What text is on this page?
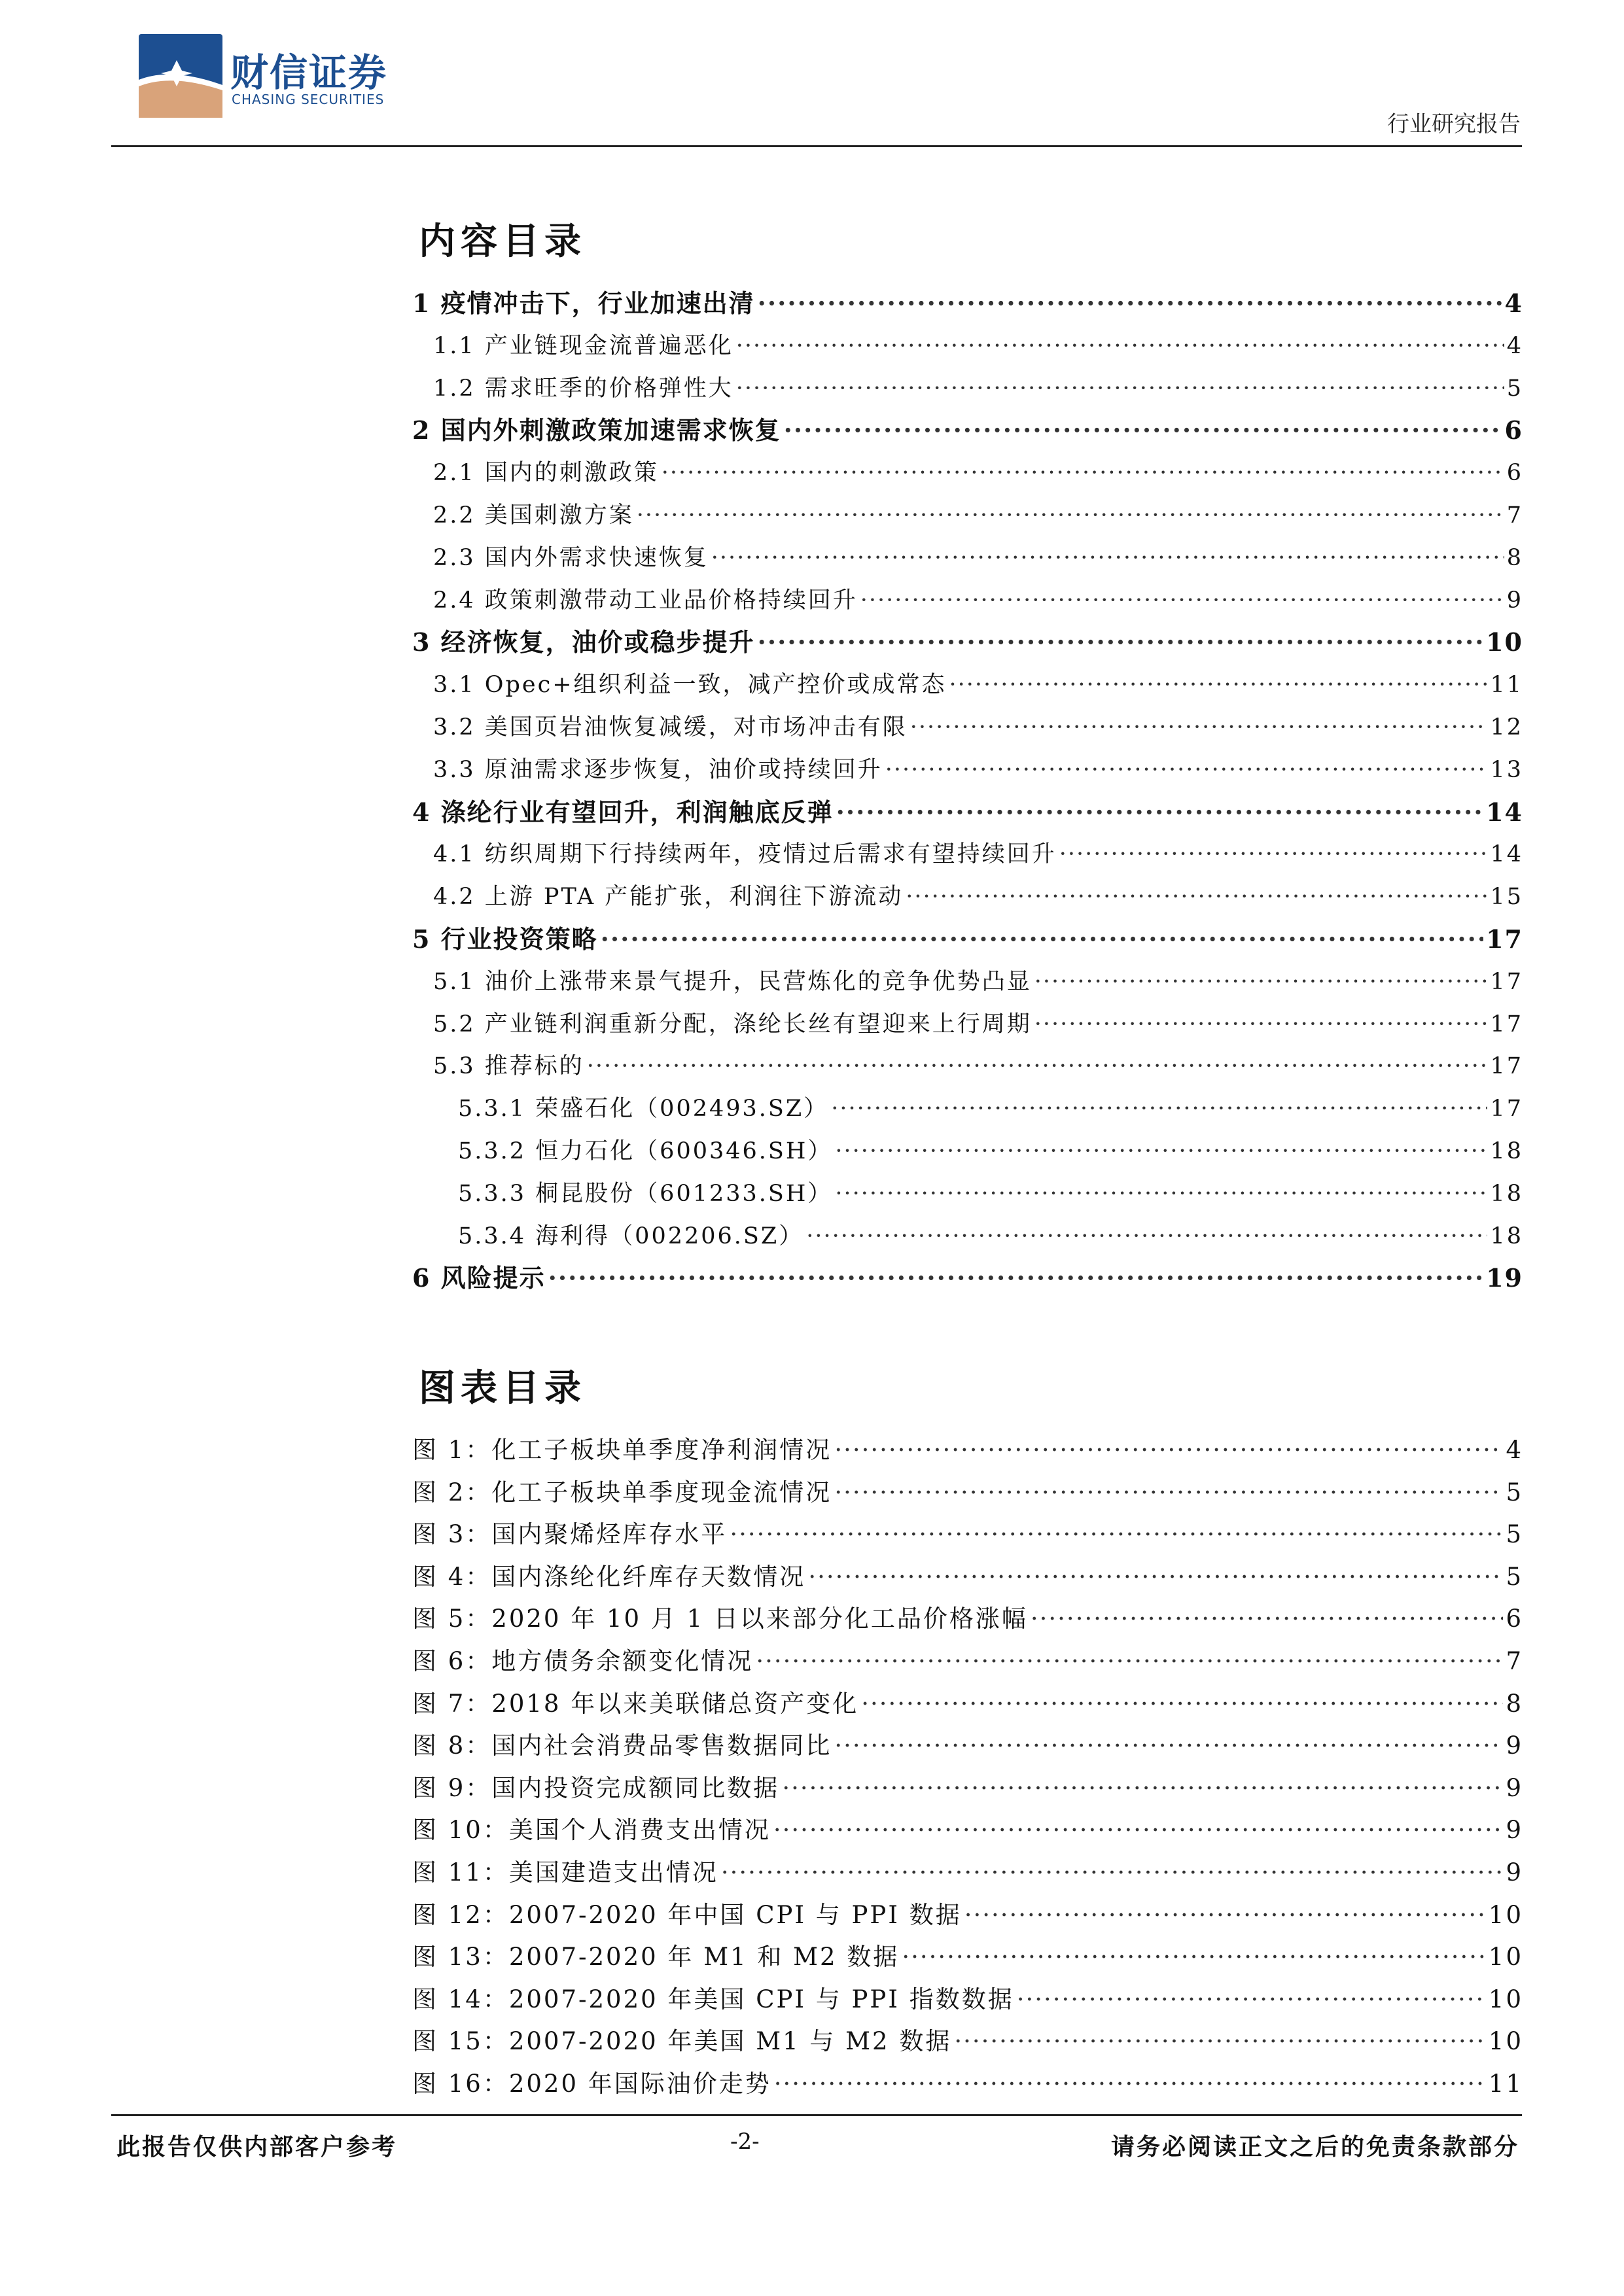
财信证券
CHASING SECURITIES
行业研究报告
内容目录
1 疫情冲击下，行业加速出清 ·····	4
1.1 产业链现金流普遍恶化 ·····	4
1.2 需求旺季的价格弹性大 ·····	5
2 国内外刺激政策加速需求恢复 ·····	6
2.1 国内的刺激政策 ·····	6
2.2 美国刺激方案 ·····	7
2.3 国内外需求快速恢复 ·····	8
2.4 政策刺激带动工业品价格持续回升 ·····	9
3 经济恢复，油价或稳步提升 ·····	10
3.1 Opec+组织利益一致，减产控价或成常态 ·····	11
3.2 美国页岩油恢复减缓，对市场冲击有限 ·····	12
3.3 原油需求逐步恢复，油价或持续回升 ·····	13
4 涤纶行业有望回升，利润触底反弹 ·····	14
4.1 纺织周期下行持续两年，疫情过后需求有望持续回升 ·····	14
4.2 上游 PTA 产能扩张，利润往下游流动 ·····	15
5 行业投资策略 ·····	17
5.1 油价上涨带来景气提升，民营炼化的竞争优势凸显 ·····	17
5.2 产业链利润重新分配，涤纶长丝有望迎来上行周期 ·····	17
5.3 推荐标的 ·····	17
5.3.1 荣盛石化（002493.SZ） ·····	17
5.3.2 恒力石化（600346.SH） ·····	18
5.3.3 桐昆股份（601233.SH） ·····	18
5.3.4 海利得（002206.SZ） ·····	18
6 风险提示 ·····	19
图表目录
图 1：化工子板块单季度净利润情况 ·····	4
图 2：化工子板块单季度现金流情况 ·····	5
图 3：国内聚烯烃库存水平 ·····	5
图 4：国内涤纶化纤库存天数情况 ·····	5
图 5：2020 年 10 月 1 日以来部分化工品价格涨幅 ·····	6
图 6：地方债务余额变化情况 ·····	7
图 7：2018 年以来美联储总资产变化 ·····	8
图 8：国内社会消费品零售数据同比 ·····	9
图 9：国内投资完成额同比数据 ·····	9
图 10：美国个人消费支出情况 ·····	9
图 11：美国建造支出情况 ·····	9
图 12：2007-2020 年中国 CPI 与 PPI 数据 ·····	10
图 13：2007-2020 年 M1 和 M2 数据 ·····	10
图 14：2007-2020 年美国 CPI 与 PPI 指数数据 ·····	10
图 15：2007-2020 年美国 M1 与 M2 数据 ·····	10
图 16：2020 年国际油价走势 ·····	11
此报告仅供内部客户参考	-2-	请务必阅读正文之后的免责条款部分
